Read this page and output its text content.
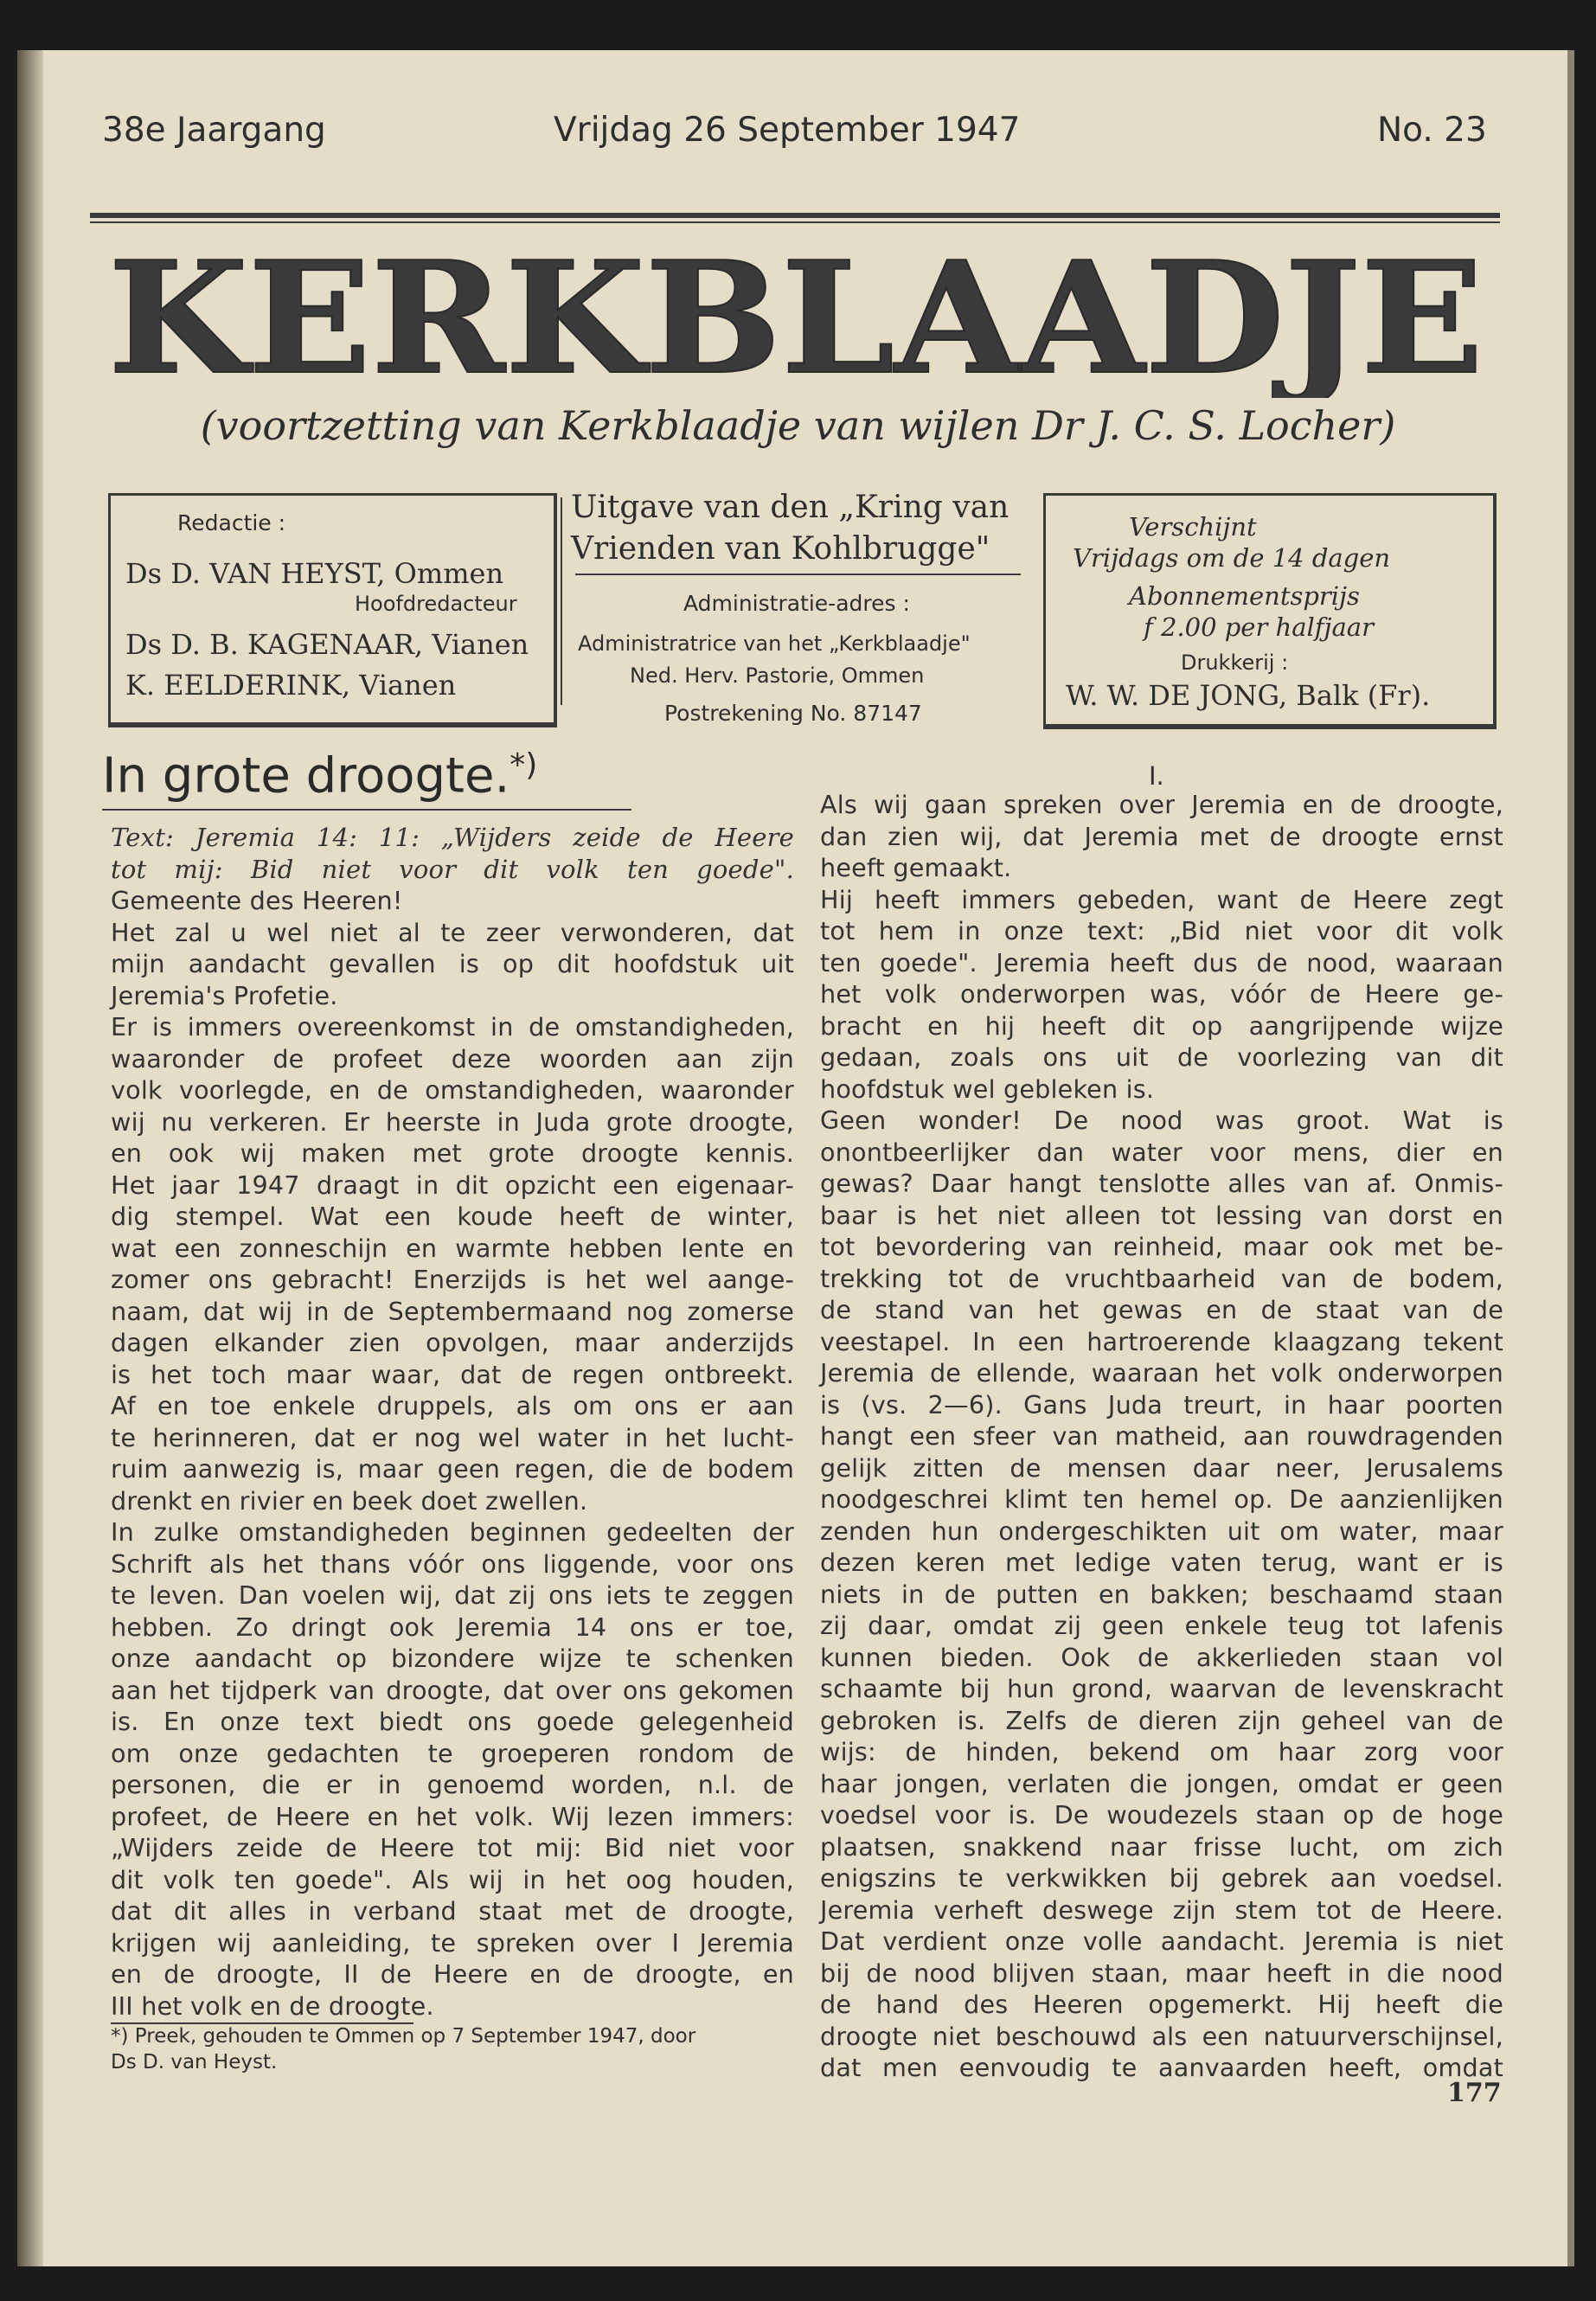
38e Jaargang	Vrijdag 26 September 1947	No. 23
KERKBLAADJE
(voortzetting van Kerkblaadje van wijlen Dr J. C. S. Locher)
Redactie :
Ds D. VAN HEYST, Ommen
Hoofdredacteur
Ds D. B. KAGENAAR, Vianen
K. EELDERINK, Vianen
Uitgave van den „Kring van
Vrienden van Kohlbrugge"
Administratie-adres :
Administratrice van het „Kerkblaadje"
Ned. Herv. Pastorie, Ommen
Postrekening No. 87147
Verschijnt
Vrijdags om de 14 dagen
Abonnementsprijs
f 2.00 per halfjaar
Drukkerij :
W. W. DE JONG, Balk (Fr).
In grote droogte.*)

Text: Jeremia 14: 11: „Wijders zeide de Heere

tot mij: Bid niet voor dit volk ten goede".

Gemeente des Heeren!

Het zal u wel niet al te zeer verwonderen, dat

mijn aandacht gevallen is op dit hoofdstuk uit

Jeremia's Profetie.

Er is immers overeenkomst in de omstandigheden,

waaronder de profeet deze woorden aan zijn

volk voorlegde, en de omstandigheden, waaronder

wij nu verkeren. Er heerste in Juda grote droogte,

en ook wij maken met grote droogte kennis.

Het jaar 1947 draagt in dit opzicht een eigenaar-

dig stempel. Wat een koude heeft de winter,

wat een zonneschijn en warmte hebben lente en

zomer ons gebracht! Enerzijds is het wel aange-

naam, dat wij in de Septembermaand nog zomerse

dagen elkander zien opvolgen, maar anderzijds

is het toch maar waar, dat de regen ontbreekt.

Af en toe enkele druppels, als om ons er aan

te herinneren, dat er nog wel water in het lucht-

ruim aanwezig is, maar geen regen, die de bodem

drenkt en rivier en beek doet zwellen.

In zulke omstandigheden beginnen gedeelten der

Schrift als het thans vóór ons liggende, voor ons

te leven. Dan voelen wij, dat zij ons iets te zeggen

hebben. Zo dringt ook Jeremia 14 ons er toe,

onze aandacht op bizondere wijze te schenken

aan het tijdperk van droogte, dat over ons gekomen

is. En onze text biedt ons goede gelegenheid

om onze gedachten te groeperen rondom de

personen, die er in genoemd worden, n.l. de

profeet, de Heere en het volk. Wij lezen immers:

„Wijders zeide de Heere tot mij: Bid niet voor

dit volk ten goede". Als wij in het oog houden,

dat dit alles in verband staat met de droogte,

krijgen wij aanleiding, te spreken over I Jeremia

en de droogte, II de Heere en de droogte, en

III het volk en de droogte.

*) Preek, gehouden te Ommen op 7 September 1947, door
Ds D. van Heyst.
I.

Als wij gaan spreken over Jeremia en de droogte,

dan zien wij, dat Jeremia met de droogte ernst

heeft gemaakt.

Hij heeft immers gebeden, want de Heere zegt

tot hem in onze text: „Bid niet voor dit volk

ten goede". Jeremia heeft dus de nood, waaraan

het volk onderworpen was, vóór de Heere ge-

bracht en hij heeft dit op aangrijpende wijze

gedaan, zoals ons uit de voorlezing van dit

hoofdstuk wel gebleken is.

Geen wonder! De nood was groot. Wat is

onontbeerlijker dan water voor mens, dier en

gewas? Daar hangt tenslotte alles van af. Onmis-

baar is het niet alleen tot lessing van dorst en

tot bevordering van reinheid, maar ook met be-

trekking tot de vruchtbaarheid van de bodem,

de stand van het gewas en de staat van de

veestapel. In een hartroerende klaagzang tekent

Jeremia de ellende, waaraan het volk onderworpen

is (vs. 2—6). Gans Juda treurt, in haar poorten

hangt een sfeer van matheid, aan rouwdragenden

gelijk zitten de mensen daar neer, Jerusalems

noodgeschrei klimt ten hemel op. De aanzienlijken

zenden hun ondergeschikten uit om water, maar

dezen keren met ledige vaten terug, want er is

niets in de putten en bakken; beschaamd staan

zij daar, omdat zij geen enkele teug tot lafenis

kunnen bieden. Ook de akkerlieden staan vol

schaamte bij hun grond, waarvan de levenskracht

gebroken is. Zelfs de dieren zijn geheel van de

wijs: de hinden, bekend om haar zorg voor

haar jongen, verlaten die jongen, omdat er geen

voedsel voor is. De woudezels staan op de hoge

plaatsen, snakkend naar frisse lucht, om zich

enigszins te verkwikken bij gebrek aan voedsel.

Jeremia verheft deswege zijn stem tot de Heere.

Dat verdient onze volle aandacht. Jeremia is niet

bij de nood blijven staan, maar heeft in die nood

de hand des Heeren opgemerkt. Hij heeft die

droogte niet beschouwd als een natuurverschijnsel,

dat men eenvoudig te aanvaarden heeft, omdat

177
